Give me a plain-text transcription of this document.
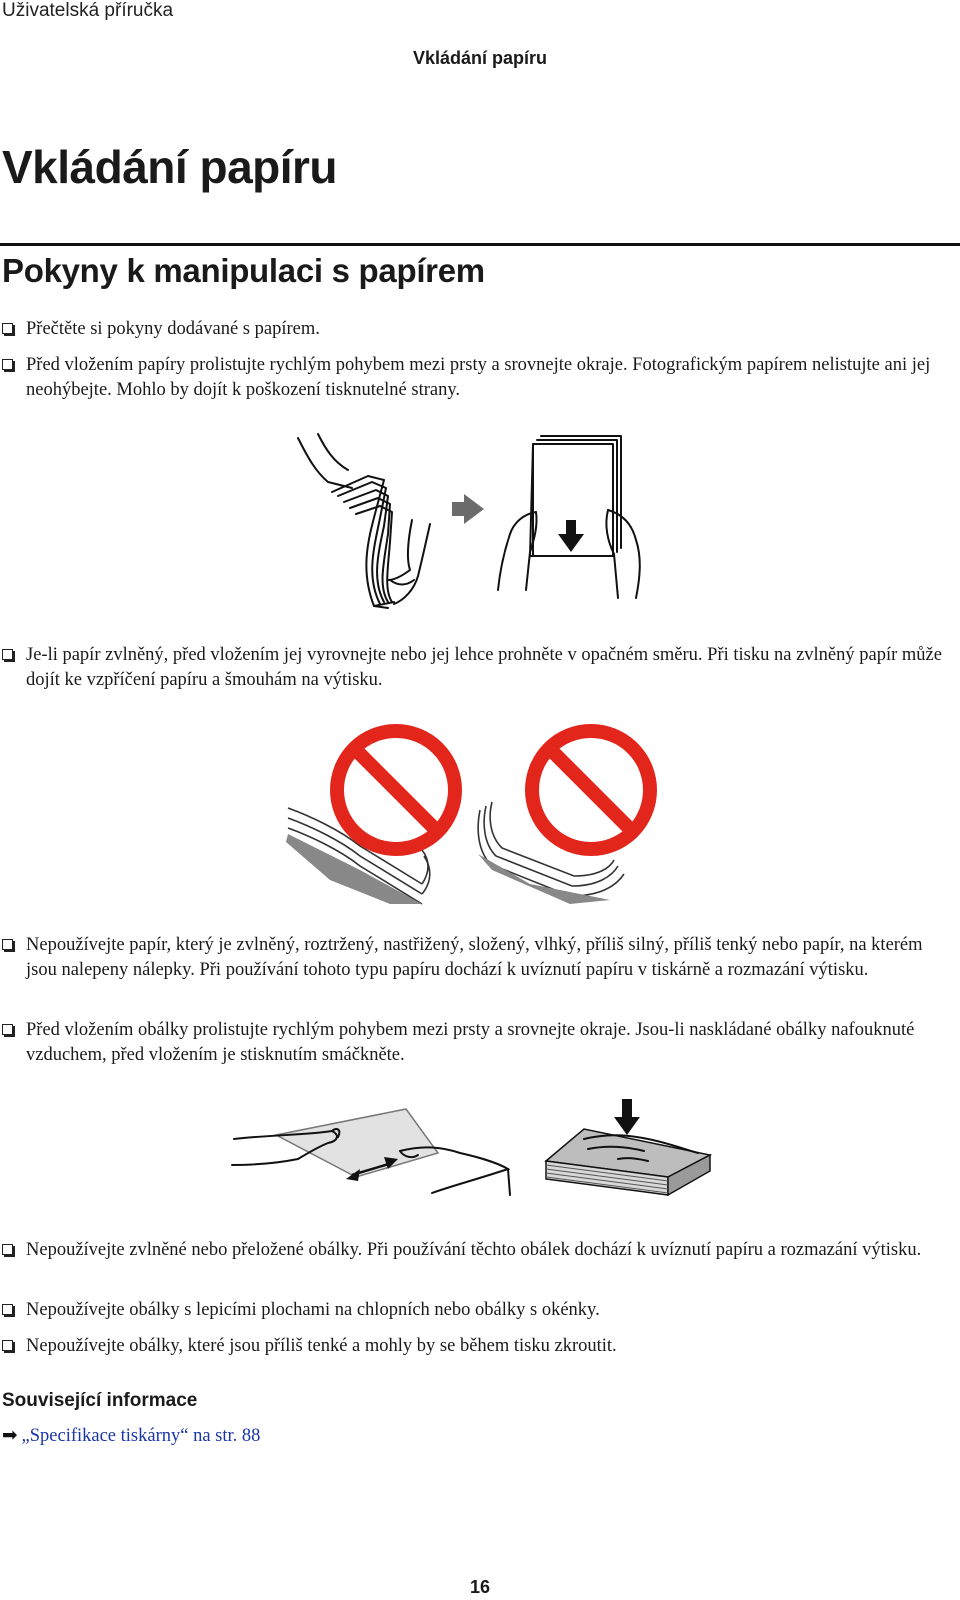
Uživatelská příručka
Vkládání papíru
Vkládání papíru
Pokyny k manipulaci s papírem
Přečtěte si pokyny dodávané s papírem.
Před vložením papíry prolistujte rychlým pohybem mezi prsty a srovnejte okraje. Fotografickým papírem nelistujte ani jej neohýbejte. Mohlo by dojít k poškození tisknutelné strany.
Je-li papír zvlněný, před vložením jej vyrovnejte nebo jej lehce prohněte v opačném směru. Při tisku na zvlněný papír může dojít ke vzpříčení papíru a šmouhám na výtisku.
Nepoužívejte papír, který je zvlněný, roztržený, nastřižený, složený, vlhký, příliš silný, příliš tenký nebo papír, na kterém jsou nalepeny nálepky. Při používání tohoto typu papíru dochází k uvíznutí papíru v tiskárně a rozmazání výtisku.
Před vložením obálky prolistujte rychlým pohybem mezi prsty a srovnejte okraje. Jsou-li naskládané obálky nafouknuté vzduchem, před vložením je stisknutím smáčkněte.
Nepoužívejte zvlněné nebo přeložené obálky. Při používání těchto obálek dochází k uvíznutí papíru a rozmazání výtisku.
Nepoužívejte obálky s lepicími plochami na chlopních nebo obálky s okénky.
Nepoužívejte obálky, které jsou příliš tenké a mohly by se během tisku zkroutit.
Související informace
➡ „Specifikace tiskárny“ na str. 88
16
